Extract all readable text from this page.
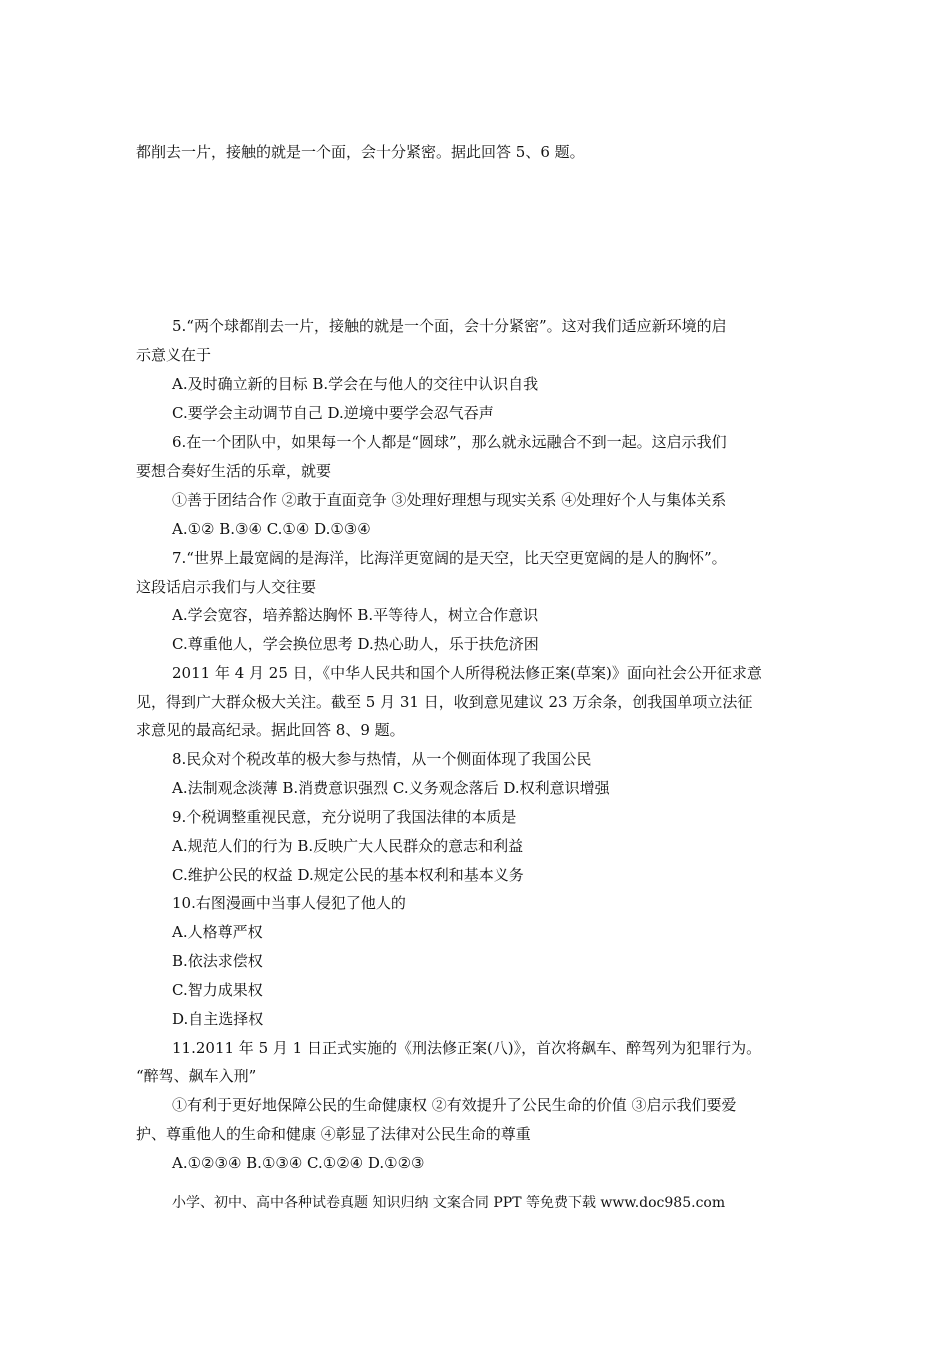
都削去一片，接触的就是一个面，会十分紧密。据此回答 5、6 题。
5.“两个球都削去一片，接触的就是一个面，会十分紧密”。这对我们适应新环境的启
示意义在于
A.及时确立新的目标 B.学会在与他人的交往中认识自我
C.要学会主动调节自己 D.逆境中要学会忍气吞声
6.在一个团队中，如果每一个人都是“圆球”，那么就永远融合不到一起。这启示我们
要想合奏好生活的乐章，就要
①善于团结合作 ②敢于直面竞争 ③处理好理想与现实关系 ④处理好个人与集体关系
A.①② B.③④ C.①④ D.①③④
7.“世界上最宽阔的是海洋，比海洋更宽阔的是天空，比天空更宽阔的是人的胸怀”。
这段话启示我们与人交往要
A.学会宽容，培养豁达胸怀 B.平等待人，树立合作意识
C.尊重他人，学会换位思考 D.热心助人，乐于扶危济困
2011 年 4 月 25 日，《中华人民共和国个人所得税法修正案(草案)》面向社会公开征求意
见，得到广大群众极大关注。截至 5 月 31 日，收到意见建议 23 万余条，创我国单项立法征
求意见的最高纪录。据此回答 8、9 题。
8.民众对个税改革的极大参与热情，从一个侧面体现了我国公民
A.法制观念淡薄 B.消费意识强烈 C.义务观念落后 D.权利意识增强
9.个税调整重视民意，充分说明了我国法律的本质是
A.规范人们的行为 B.反映广大人民群众的意志和利益
C.维护公民的权益 D.规定公民的基本权利和基本义务
10.右图漫画中当事人侵犯了他人的
A.人格尊严权
B.依法求偿权
C.智力成果权
D.自主选择权
11.2011 年 5 月 1 日正式实施的《刑法修正案(八)》，首次将飙车、醉驾列为犯罪行为。
“醉驾、飙车入刑”
①有利于更好地保障公民的生命健康权 ②有效提升了公民生命的价值 ③启示我们要爱
护、尊重他人的生命和健康 ④彰显了法律对公民生命的尊重
A.①②③④ B.①③④ C.①②④ D.①②③
小学、初中、高中各种试卷真题 知识归纳 文案合同 PPT 等免费下载 www.doc985.com
